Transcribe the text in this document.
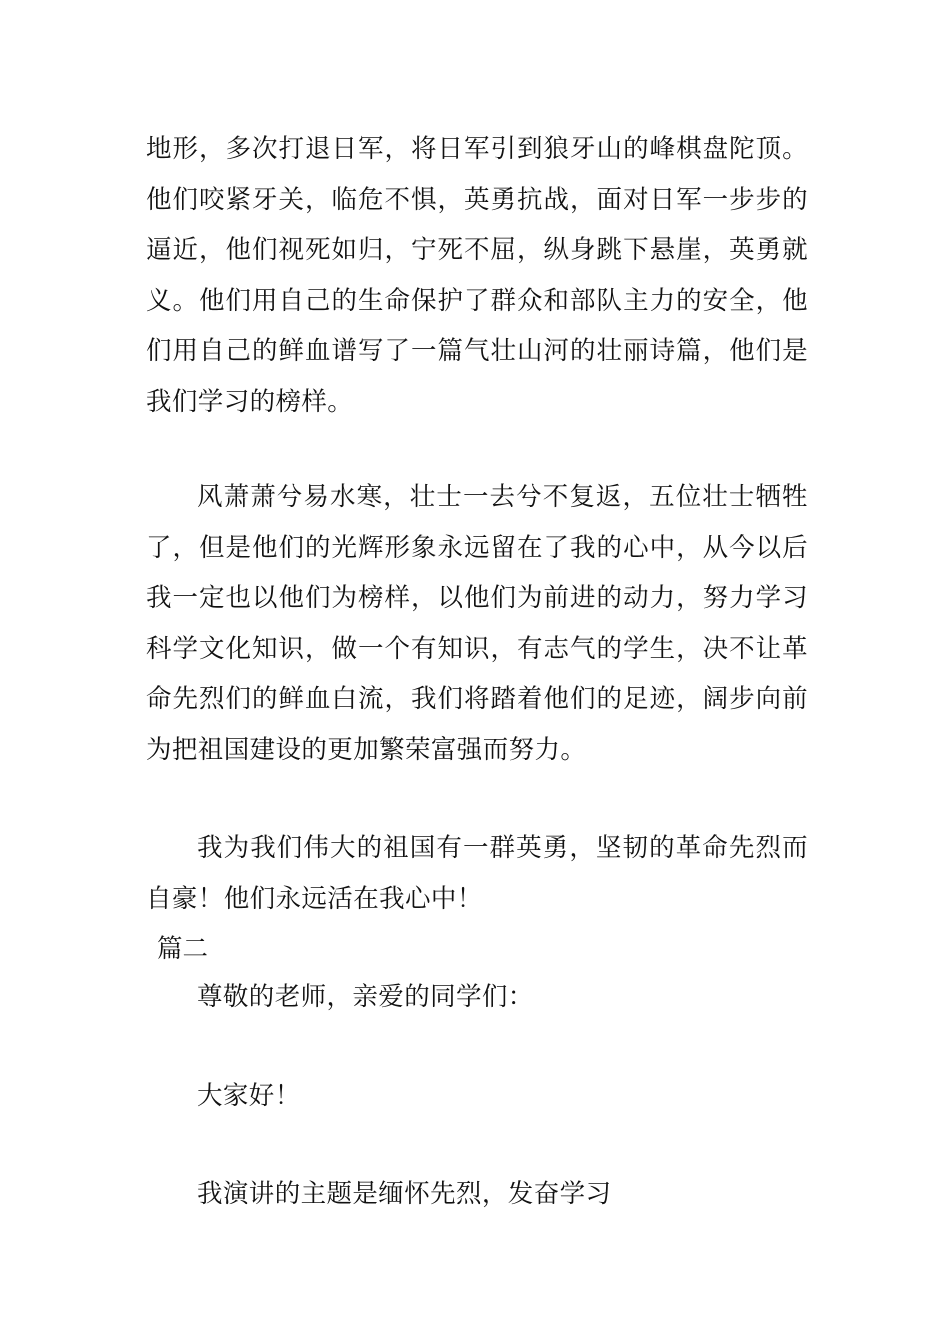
地形，多次打退日军，将日军引到狼牙山的峰棋盘陀顶。他们咬紧牙关，临危不惧，英勇抗战，面对日军一步步的逼近，他们视死如归，宁死不屈，纵身跳下悬崖，英勇就义。他们用自己的生命保护了群众和部队主力的安全，他们用自己的鲜血谱写了一篇气壮山河的壮丽诗篇，他们是我们学习的榜样。

风萧萧兮易水寒，壮士一去兮不复返，五位壮士牺牲了，但是他们的光辉形象永远留在了我的心中，从今以后我一定也以他们为榜样，以他们为前进的动力，努力学习科学文化知识，做一个有知识，有志气的学生，决不让革命先烈们的鲜血白流，我们将踏着他们的足迹，阔步向前为把祖国建设的更加繁荣富强而努力。

我为我们伟大的祖国有一群英勇，坚韧的革命先烈而自豪！他们永远活在我心中！

篇二

尊敬的老师，亲爱的同学们：

大家好！

我演讲的主题是缅怀先烈，发奋学习
